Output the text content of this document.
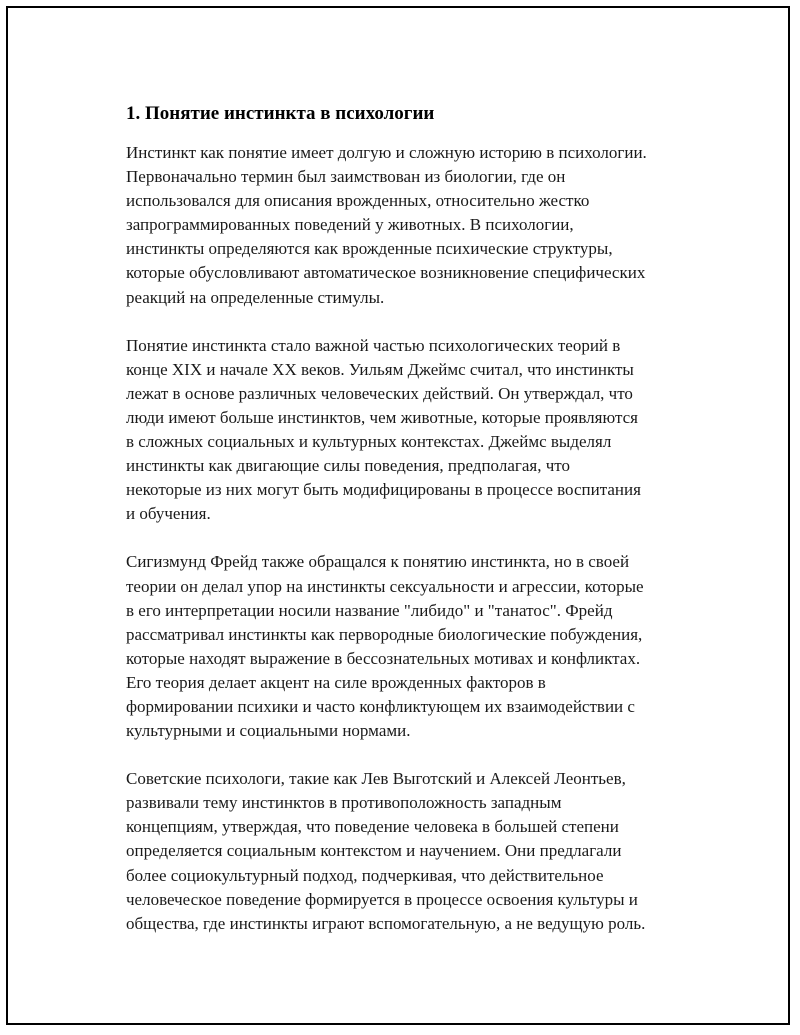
1. Понятие инстинкта в психологии

Инстинкт как понятие имеет долгую и сложную историю в психологии.
Первоначально термин был заимствован из биологии, где он
использовался для описания врожденных, относительно жестко
запрограммированных поведений у животных. В психологии,
инстинкты определяются как врожденные психические структуры,
которые обусловливают автоматическое возникновение специфических
реакций на определенные стимулы.

Понятие инстинкта стало важной частью психологических теорий в
конце XIX и начале XX веков. Уильям Джеймс считал, что инстинкты
лежат в основе различных человеческих действий. Он утверждал, что
люди имеют больше инстинктов, чем животные, которые проявляются
в сложных социальных и культурных контекстах. Джеймс выделял
инстинкты как двигающие силы поведения, предполагая, что
некоторые из них могут быть модифицированы в процессе воспитания
и обучения.

Сигизмунд Фрейд также обращался к понятию инстинкта, но в своей
теории он делал упор на инстинкты сексуальности и агрессии, которые
в его интерпретации носили название "либидо" и "танатос". Фрейд
рассматривал инстинкты как первородные биологические побуждения,
которые находят выражение в бессознательных мотивах и конфликтах.
Его теория делает акцент на силе врожденных факторов в
формировании психики и часто конфликтующем их взаимодействии с
культурными и социальными нормами.

Советские психологи, такие как Лев Выготский и Алексей Леонтьев,
развивали тему инстинктов в противоположность западным
концепциям, утверждая, что поведение человека в большей степени
определяется социальным контекстом и научением. Они предлагали
более социокультурный подход, подчеркивая, что действительное
человеческое поведение формируется в процессе освоения культуры и
общества, где инстинкты играют вспомогательную, а не ведущую роль.
